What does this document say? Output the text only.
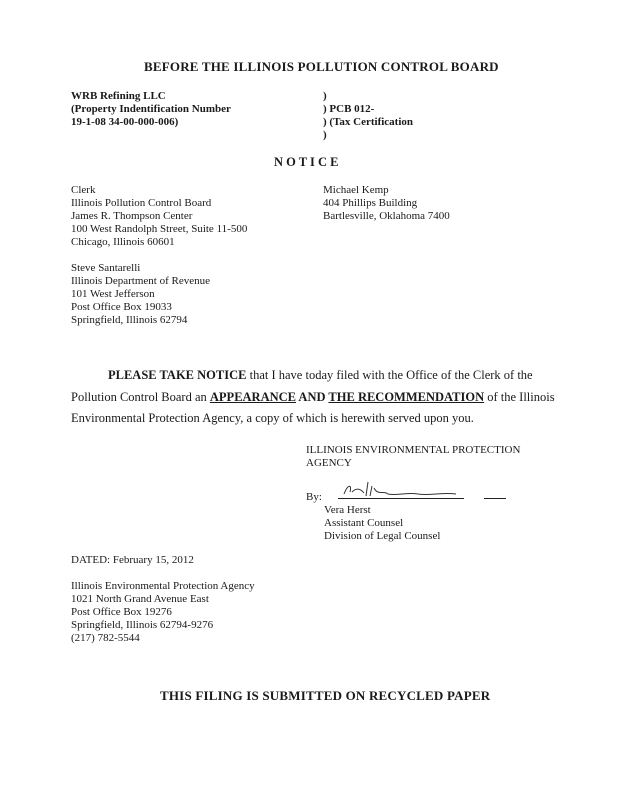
BEFORE THE ILLINOIS POLLUTION CONTROL BOARD
WRB Refining LLC
(Property Indentification Number
19-1-08 34-00-000-006)
)
) PCB 012-
) (Tax Certification
)
N O T I C E
Clerk
Illinois Pollution Control Board
James R. Thompson Center
100 West Randolph Street, Suite 11-500
Chicago, Illinois 60601
Michael Kemp
404 Phillips Building
Bartlesville, Oklahoma 7400
Steve Santarelli
Illinois Department of Revenue
101 West Jefferson
Post Office Box 19033
Springfield, Illinois 62794
PLEASE TAKE NOTICE that I have today filed with the Office of the Clerk of the
Pollution Control Board an APPEARANCE AND THE RECOMMENDATION of the Illinois
Environmental Protection Agency, a copy of which is herewith served upon you.
ILLINOIS ENVIRONMENTAL PROTECTION
AGENCY
By:
Vera Herst
Assistant Counsel
Division of Legal Counsel
DATED: February 15, 2012
Illinois Environmental Protection Agency
1021 North Grand Avenue East
Post Office Box 19276
Springfield, Illinois 62794-9276
(217) 782-5544
THIS FILING IS SUBMITTED ON RECYCLED PAPER
